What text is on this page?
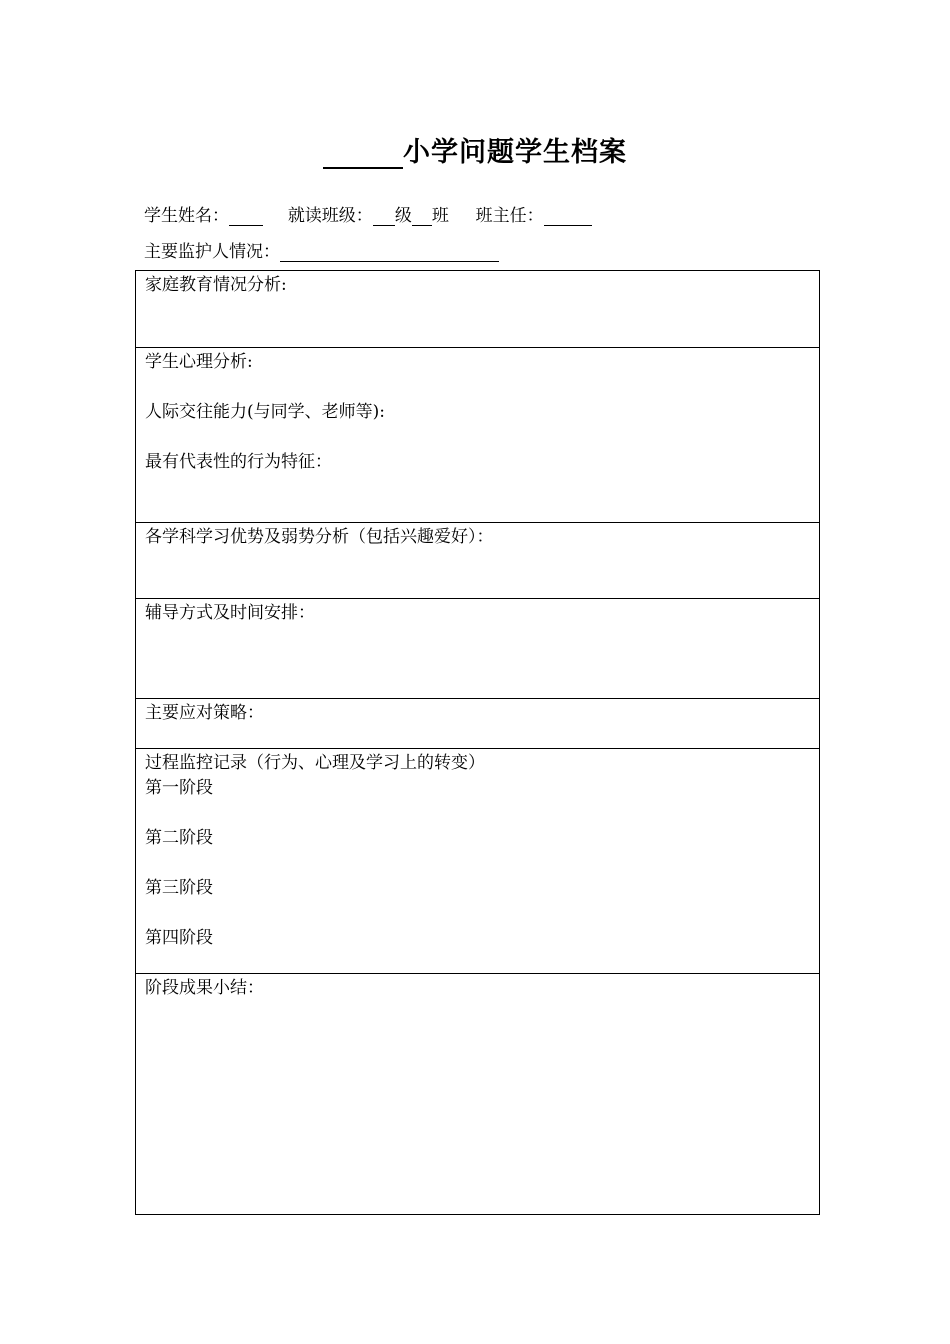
小学问题学生档案
学生姓名：	就读班级： 级 班 班主任：
主要监护人情况：
家庭教育情况分析:
学生心理分析:
人际交往能力(与同学、老师等):
最有代表性的行为特征：
各学科学习优势及弱势分析（包括兴趣爱好）：
辅导方式及时间安排：
主要应对策略：
过程监控记录（行为、心理及学习上的转变）
第一阶段
第二阶段
第三阶段
第四阶段
阶段成果小结：
